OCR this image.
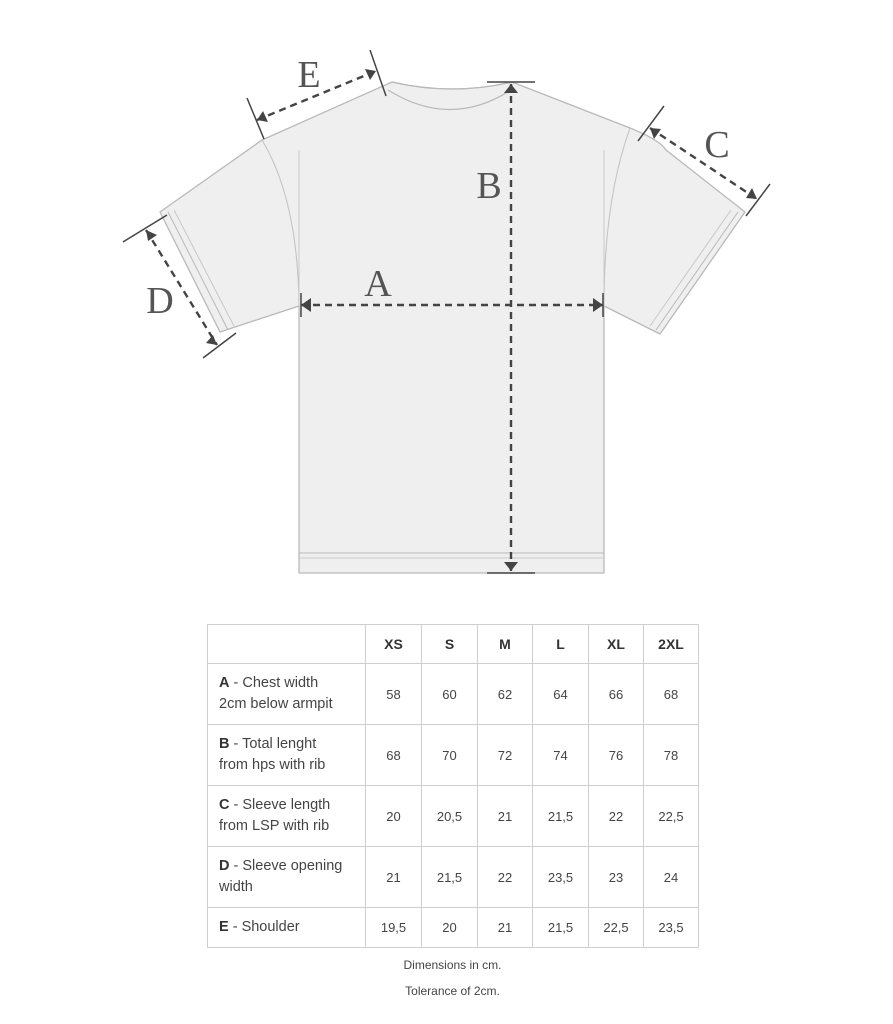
A
B
C
D
E
	XS	S	M	L	XL	2XL
A - Chest width
2cm below armpit	58	60	62	64	66	68
B - Total lenght
from hps with rib	68	70	72	74	76	78
C - Sleeve length
from LSP with rib	20	20,5	21	21,5	22	22,5
D - Sleeve opening
width	21	21,5	22	23,5	23	24
E - Shoulder	19,5	20	21	21,5	22,5	23,5
Dimensions in cm.
Tolerance of 2cm.
